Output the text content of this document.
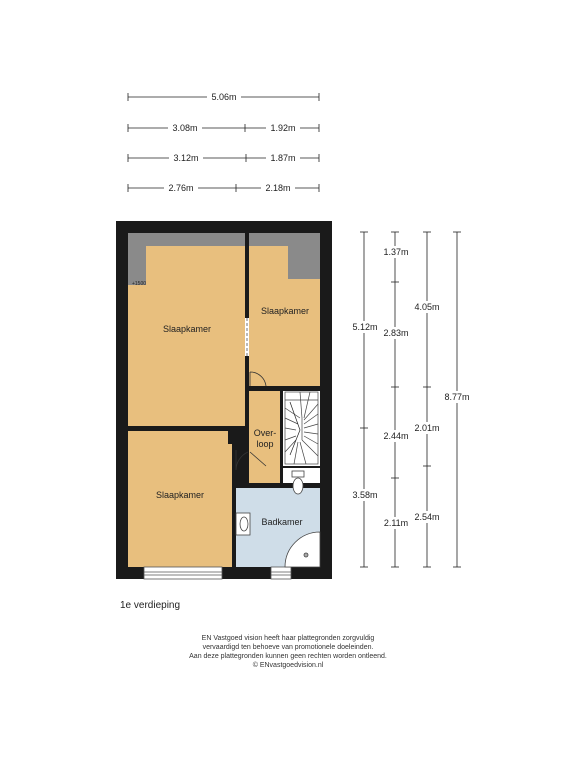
5.06m
3.08m	1.92m
3.12m	1.87m
2.76m	2.18m
1.37m
2.83m
2.44m
2.11m
5.12m
3.58m
4.05m
2.01m
2.54m
8.77m
Slaapkamer
Slaapkamer
Slaapkamer
Over-
loop
Badkamer
+1500
1e verdieping
EN Vastgoed vision heeft haar plattegronden zorgvuldig
vervaardigd ten behoeve van promotionele doeleinden.
Aan deze plattegronden kunnen geen rechten worden ontleend.
© ENvastgoedvision.nl
